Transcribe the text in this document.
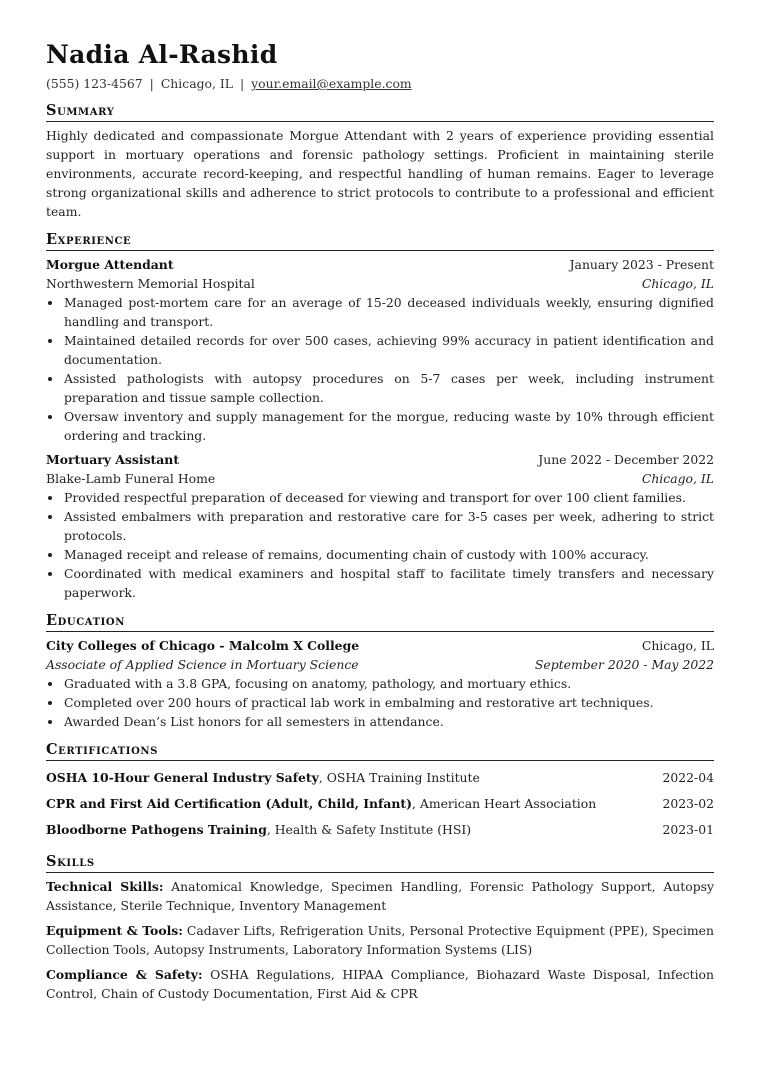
Nadia Al-Rashid
(555) 123-4567 | Chicago, IL | your.email@example.com
Summary
Highly dedicated and compassionate Morgue Attendant with 2 years of experience providing essential support in mortuary operations and forensic pathology settings. Proficient in maintaining sterile environments, accurate record-keeping, and respectful handling of human remains. Eager to leverage strong organizational skills and adherence to strict protocols to contribute to a professional and efficient team.
Experience
Morgue Attendant	January 2023 - Present
Northwestern Memorial Hospital	Chicago, IL
• Managed post-mortem care for an average of 15-20 deceased individuals weekly, ensuring dignified handling and transport.
• Maintained detailed records for over 500 cases, achieving 99% accuracy in patient identification and documentation.
• Assisted pathologists with autopsy procedures on 5-7 cases per week, including instrument preparation and tissue sample collection.
• Oversaw inventory and supply management for the morgue, reducing waste by 10% through efficient ordering and tracking.
Mortuary Assistant	June 2022 - December 2022
Blake-Lamb Funeral Home	Chicago, IL
• Provided respectful preparation of deceased for viewing and transport for over 100 client families.
• Assisted embalmers with preparation and restorative care for 3-5 cases per week, adhering to strict protocols.
• Managed receipt and release of remains, documenting chain of custody with 100% accuracy.
• Coordinated with medical examiners and hospital staff to facilitate timely transfers and necessary paperwork.
Education
City Colleges of Chicago - Malcolm X College	Chicago, IL
Associate of Applied Science in Mortuary Science	September 2020 - May 2022
• Graduated with a 3.8 GPA, focusing on anatomy, pathology, and mortuary ethics.
• Completed over 200 hours of practical lab work in embalming and restorative art techniques.
• Awarded Dean’s List honors for all semesters in attendance.
Certifications
OSHA 10-Hour General Industry Safety, OSHA Training Institute	2022-04
CPR and First Aid Certification (Adult, Child, Infant), American Heart Association	2023-02
Bloodborne Pathogens Training, Health & Safety Institute (HSI)	2023-01
Skills
Technical Skills: Anatomical Knowledge, Specimen Handling, Forensic Pathology Support, Autopsy Assistance, Sterile Technique, Inventory Management
Equipment & Tools: Cadaver Lifts, Refrigeration Units, Personal Protective Equipment (PPE), Specimen Collection Tools, Autopsy Instruments, Laboratory Information Systems (LIS)
Compliance & Safety: OSHA Regulations, HIPAA Compliance, Biohazard Waste Disposal, Infection Control, Chain of Custody Documentation, First Aid & CPR
